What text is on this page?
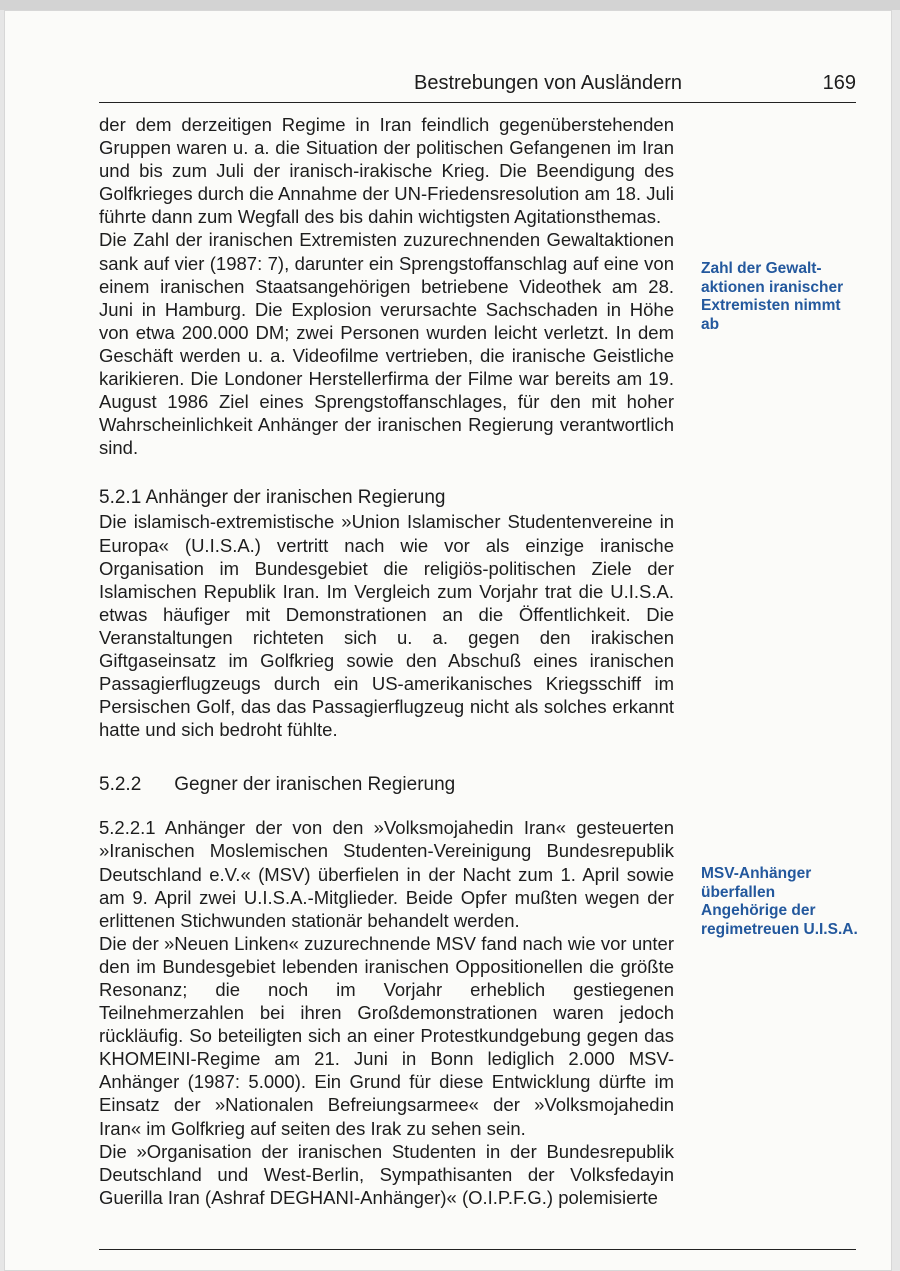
Bestrebungen von Ausländern	169

der dem derzeitigen Regime in Iran feindlich gegenüberstehenden Gruppen waren u. a. die Situation der politischen Gefangenen im Iran und bis zum Juli der iranisch-irakische Krieg. Die Beendigung des Golfkrieges durch die Annahme der UN-Friedensresolution am 18. Juli führte dann zum Wegfall des bis dahin wichtigsten Agitationsthemas.

Die Zahl der iranischen Extremisten zuzurechnenden Gewaltaktionen sank auf vier (1987: 7), darunter ein Sprengstoffanschlag auf eine von einem iranischen Staatsangehörigen betriebene Videothek am 28. Juni in Hamburg. Die Explosion verursachte Sachschaden in Höhe von etwa 200.000 DM; zwei Personen wurden leicht verletzt. In dem Geschäft werden u. a. Videofilme vertrieben, die iranische Geistliche karikieren. Die Londoner Herstellerfirma der Filme war bereits am 19. August 1986 Ziel eines Sprengstoffanschlages, für den mit hoher Wahrscheinlichkeit Anhänger der iranischen Regierung verantwortlich sind.

5.2.1 Anhänger der iranischen Regierung

Die islamisch-extremistische »Union Islamischer Studentenvereine in Europa« (U.I.S.A.) vertritt nach wie vor als einzige iranische Organisation im Bundesgebiet die religiös-politischen Ziele der Islamischen Republik Iran. Im Vergleich zum Vorjahr trat die U.I.S.A. etwas häufiger mit Demonstrationen an die Öffentlichkeit. Die Veranstaltungen richteten sich u. a. gegen den irakischen Giftgaseinsatz im Golfkrieg sowie den Abschuß eines iranischen Passagierflugzeugs durch ein US-amerikanisches Kriegsschiff im Persischen Golf, das das Passagierflugzeug nicht als solches erkannt hatte und sich bedroht fühlte.

5.2.2 Gegner der iranischen Regierung

5.2.2.1 Anhänger der von den »Volksmojahedin Iran« gesteuerten »Iranischen Moslemischen Studenten-Vereinigung Bundesrepublik Deutschland e.V.« (MSV) überfielen in der Nacht zum 1. April sowie am 9. April zwei U.I.S.A.-Mitglieder. Beide Opfer mußten wegen der erlittenen Stichwunden stationär behandelt werden.

Die der »Neuen Linken« zuzurechnende MSV fand nach wie vor unter den im Bundesgebiet lebenden iranischen Oppositionellen die größte Resonanz; die noch im Vorjahr erheblich gestiegenen Teilnehmerzahlen bei ihren Großdemonstrationen waren jedoch rückläufig. So beteiligten sich an einer Protestkundgebung gegen das KHOMEINI-Regime am 21. Juni in Bonn lediglich 2.000 MSV-Anhänger (1987: 5.000). Ein Grund für diese Entwicklung dürfte im Einsatz der »Nationalen Befreiungsarmee« der »Volksmojahedin Iran« im Golfkrieg auf seiten des Irak zu sehen sein.

Die »Organisation der iranischen Studenten in der Bundesrepublik Deutschland und West-Berlin, Sympathisanten der Volksfedayin Guerilla Iran (Ashraf DEGHANI-Anhänger)« (O.I.P.F.G.) polemisierte

Zahl der Gewaltaktionen iranischer Extremisten nimmt ab
MSV-Anhänger überfallen Angehörige der regimetreuen U.I.S.A.
